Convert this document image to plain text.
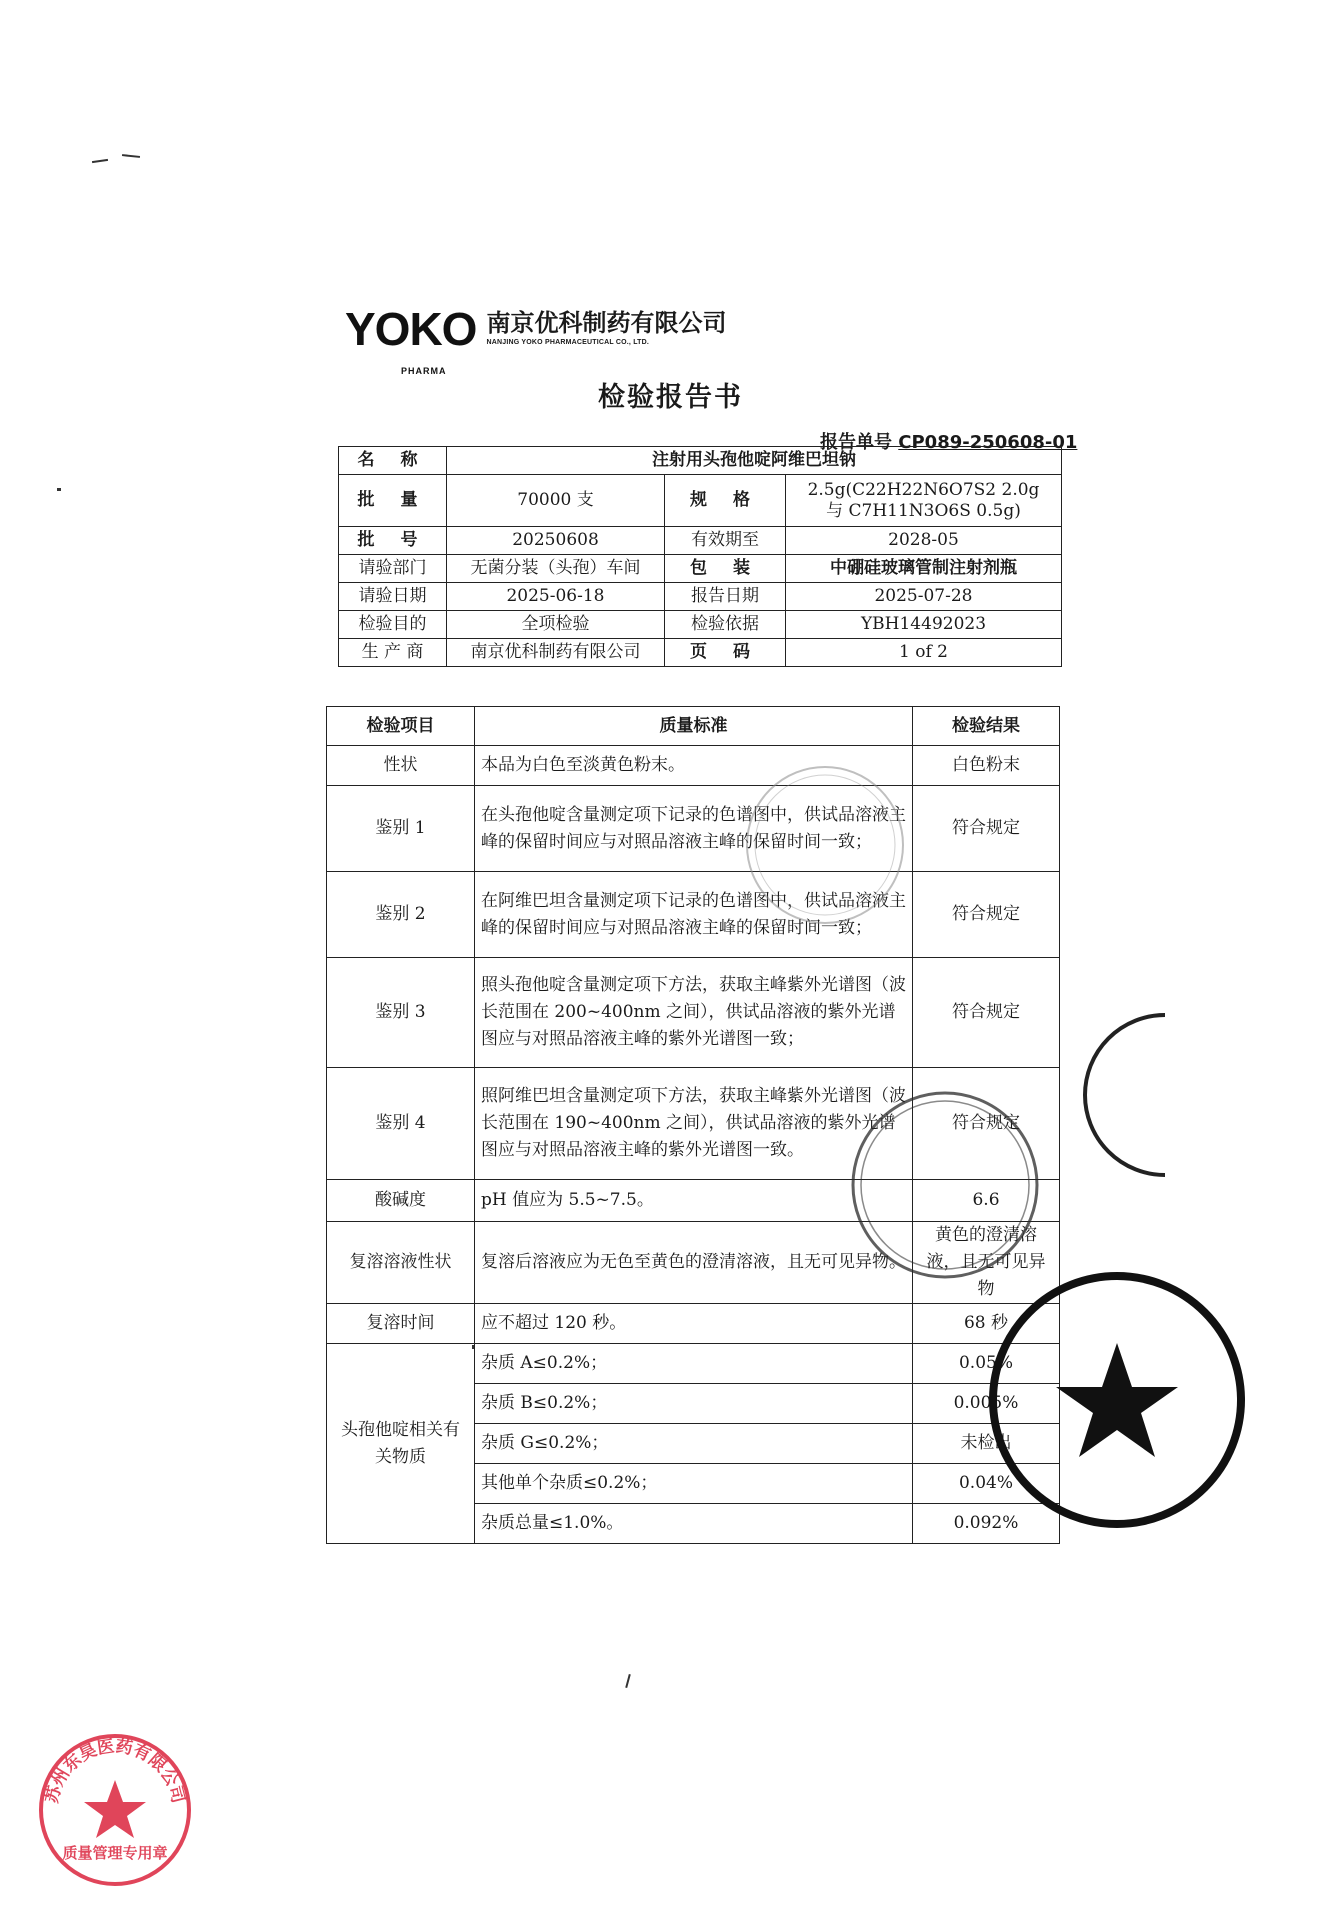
YOKO
PHARMA
南京优科制药有限公司
NANJING YOKO PHARMACEUTICAL CO., LTD.
检验报告书
报告单号 CP089-250608-01
名 称	注射用头孢他啶阿维巴坦钠		
批 量	70000 支	规 格	2.5g(C22H22N6O7S2 2.0g
与 C7H11N3O6S 0.5g)

批 号	20250608	有效期至	2028-05
请验部门	无菌分装（头孢）车间	包 装	中硼硅玻璃管制注射剂瓶
请验日期	2025-06-18	报告日期	2025-07-28
检验目的	全项检验	检验依据	YBH14492023
生 产 商	南京优科制药有限公司	页 码	1 of 2
检验项目	质量标准	检验结果
性状	本品为白色至淡黄色粉末。	白色粉末
鉴别 1	在头孢他啶含量测定项下记录的色谱图中，供试品溶液主峰的保留时间应与对照品溶液主峰的保留时间一致；	符合规定
鉴别 2	在阿维巴坦含量测定项下记录的色谱图中，供试品溶液主峰的保留时间应与对照品溶液主峰的保留时间一致；	符合规定
鉴别 3	照头孢他啶含量测定项下方法，获取主峰紫外光谱图（波长范围在 200~400nm 之间），供试品溶液的紫外光谱图应与对照品溶液主峰的紫外光谱图一致；	符合规定
鉴别 4	照阿维巴坦含量测定项下方法，获取主峰紫外光谱图（波长范围在 190~400nm 之间），供试品溶液的紫外光谱图应与对照品溶液主峰的紫外光谱图一致。	符合规定
酸碱度	pH 值应为 5.5~7.5。	6.6
复溶溶液性状	复溶后溶液应为无色至黄色的澄清溶液，且无可见异物。	黄色的澄清溶液，且无可见异物
复溶时间	应不超过 120 秒。	68 秒
头孢他啶相关有关物质	杂质 A≤0.2%；	0.05%
	杂质 B≤0.2%；	0.005%
	杂质 G≤0.2%；	未检出
	其他单个杂质≤0.2%；	0.04%
	杂质总量≤1.0%。	0.092%
苏州东昊医药有限公司
质量管理专用章
